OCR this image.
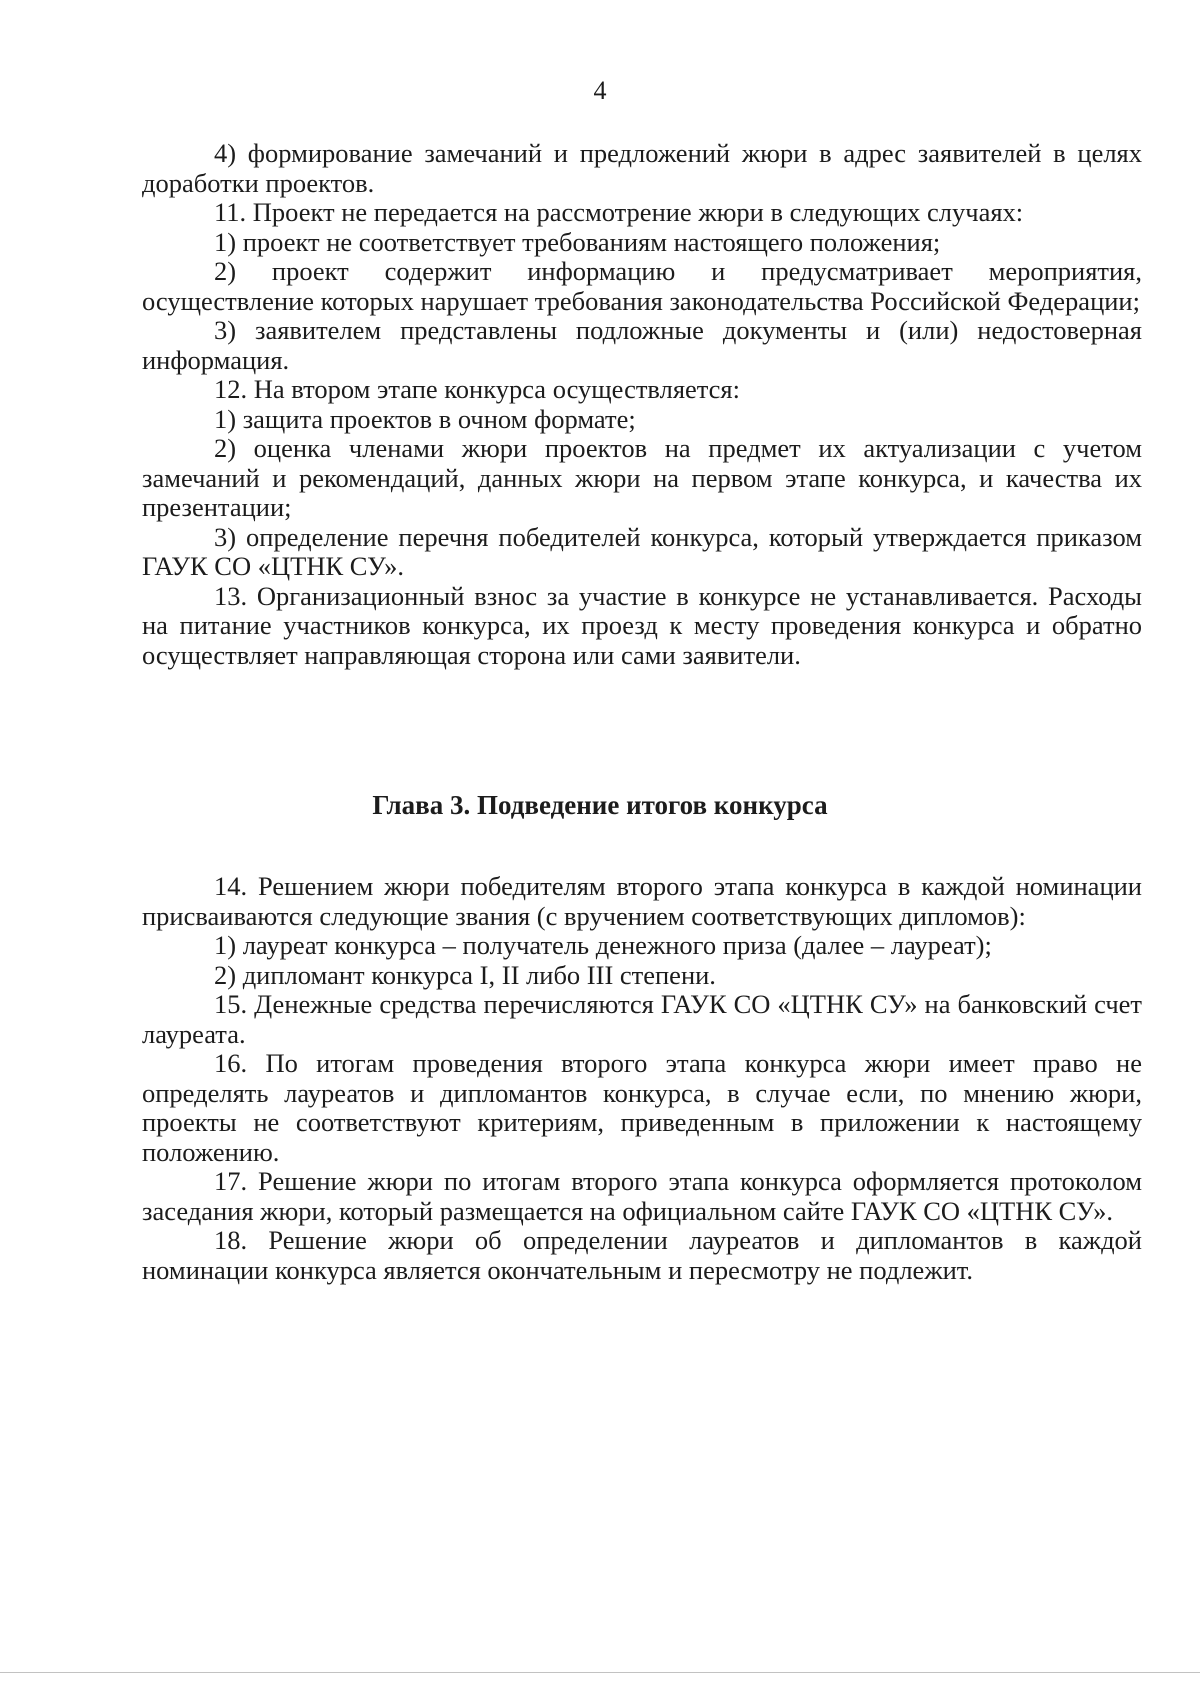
4

4) формирование замечаний и предложений жюри в адрес заявителей в целях доработки проектов.

11. Проект не передается на рассмотрение жюри в следующих случаях:

1) проект не соответствует требованиям настоящего положения;

2) проект содержит информацию и предусматривает мероприятия, осуществление которых нарушает требования законодательства Российской Федерации;

3) заявителем представлены подложные документы и (или) недостоверная информация.

12. На втором этапе конкурса осуществляется:

1) защита проектов в очном формате;

2) оценка членами жюри проектов на предмет их актуализации с учетом замечаний и рекомендаций, данных жюри на первом этапе конкурса, и качества их презентации;

3) определение перечня победителей конкурса, который утверждается приказом ГАУК СО «ЦТНК СУ».

13. Организационный взнос за участие в конкурсе не устанавливается. Расходы на питание участников конкурса, их проезд к месту проведения конкурса и обратно осуществляет направляющая сторона или сами заявители.

Глава 3. Подведение итогов конкурса

14. Решением жюри победителям второго этапа конкурса в каждой номинации присваиваются следующие звания (с вручением соответствующих дипломов):

1) лауреат конкурса – получатель денежного приза (далее – лауреат);

2) дипломант конкурса I, II либо III степени.

15. Денежные средства перечисляются ГАУК СО «ЦТНК СУ» на банковский счет лауреата.

16. По итогам проведения второго этапа конкурса жюри имеет право не определять лауреатов и дипломантов конкурса, в случае если, по мнению жюри, проекты не соответствуют критериям, приведенным в приложении к настоящему положению.

17. Решение жюри по итогам второго этапа конкурса оформляется протоколом заседания жюри, который размещается на официальном сайте ГАУК СО «ЦТНК СУ».

18. Решение жюри об определении лауреатов и дипломантов в каждой номинации конкурса является окончательным и пересмотру не подлежит.
